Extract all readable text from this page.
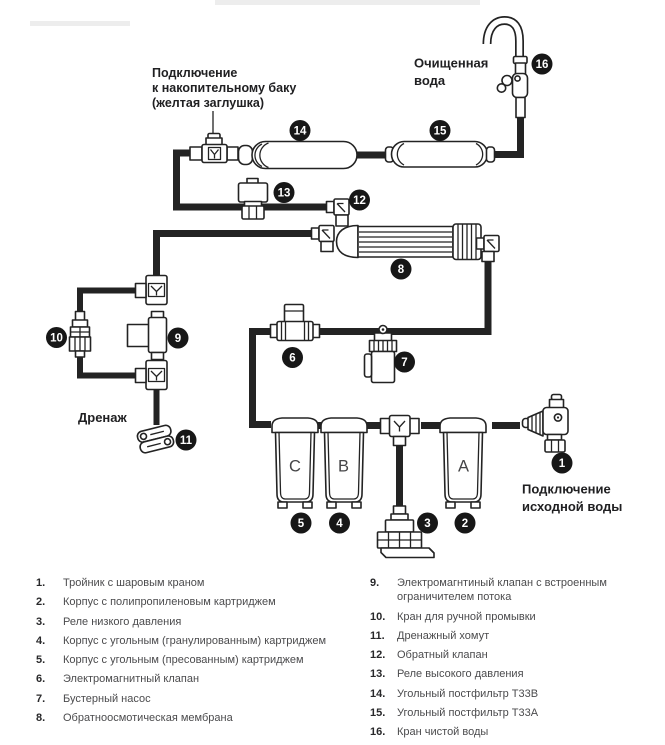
C B	A
Подключение
к накопительному баку
(желтая заглушка)
Очищенная
вода
Дренаж
Подключение
исходной воды
1
2
3
4
5
6	7
8
9
10
11
12
13
14	15
16
1.	Тройник с шаровым краном
2.	Корпус с полипропиленовым картриджем
3.	Реле низкого давления
4.	Корпус с угольным (гранулированным) картриджем
5.	Корпус с угольным (пресованным) картриджем
6.	Электромагнитный клапан
7.	Бустерный насос
8.	Обратноосмотическая мембрана
9.	Электромагнтиный клапан с встроенным ограничителем потока
10.	Кран для ручной промывки
11.	Дренажный хомут
12.	Обратный клапан
13.	Реле высокого давления
14.	Угольный постфильтр Т33В
15.	Угольный постфильтр Т33А
16.	Кран чистой воды
